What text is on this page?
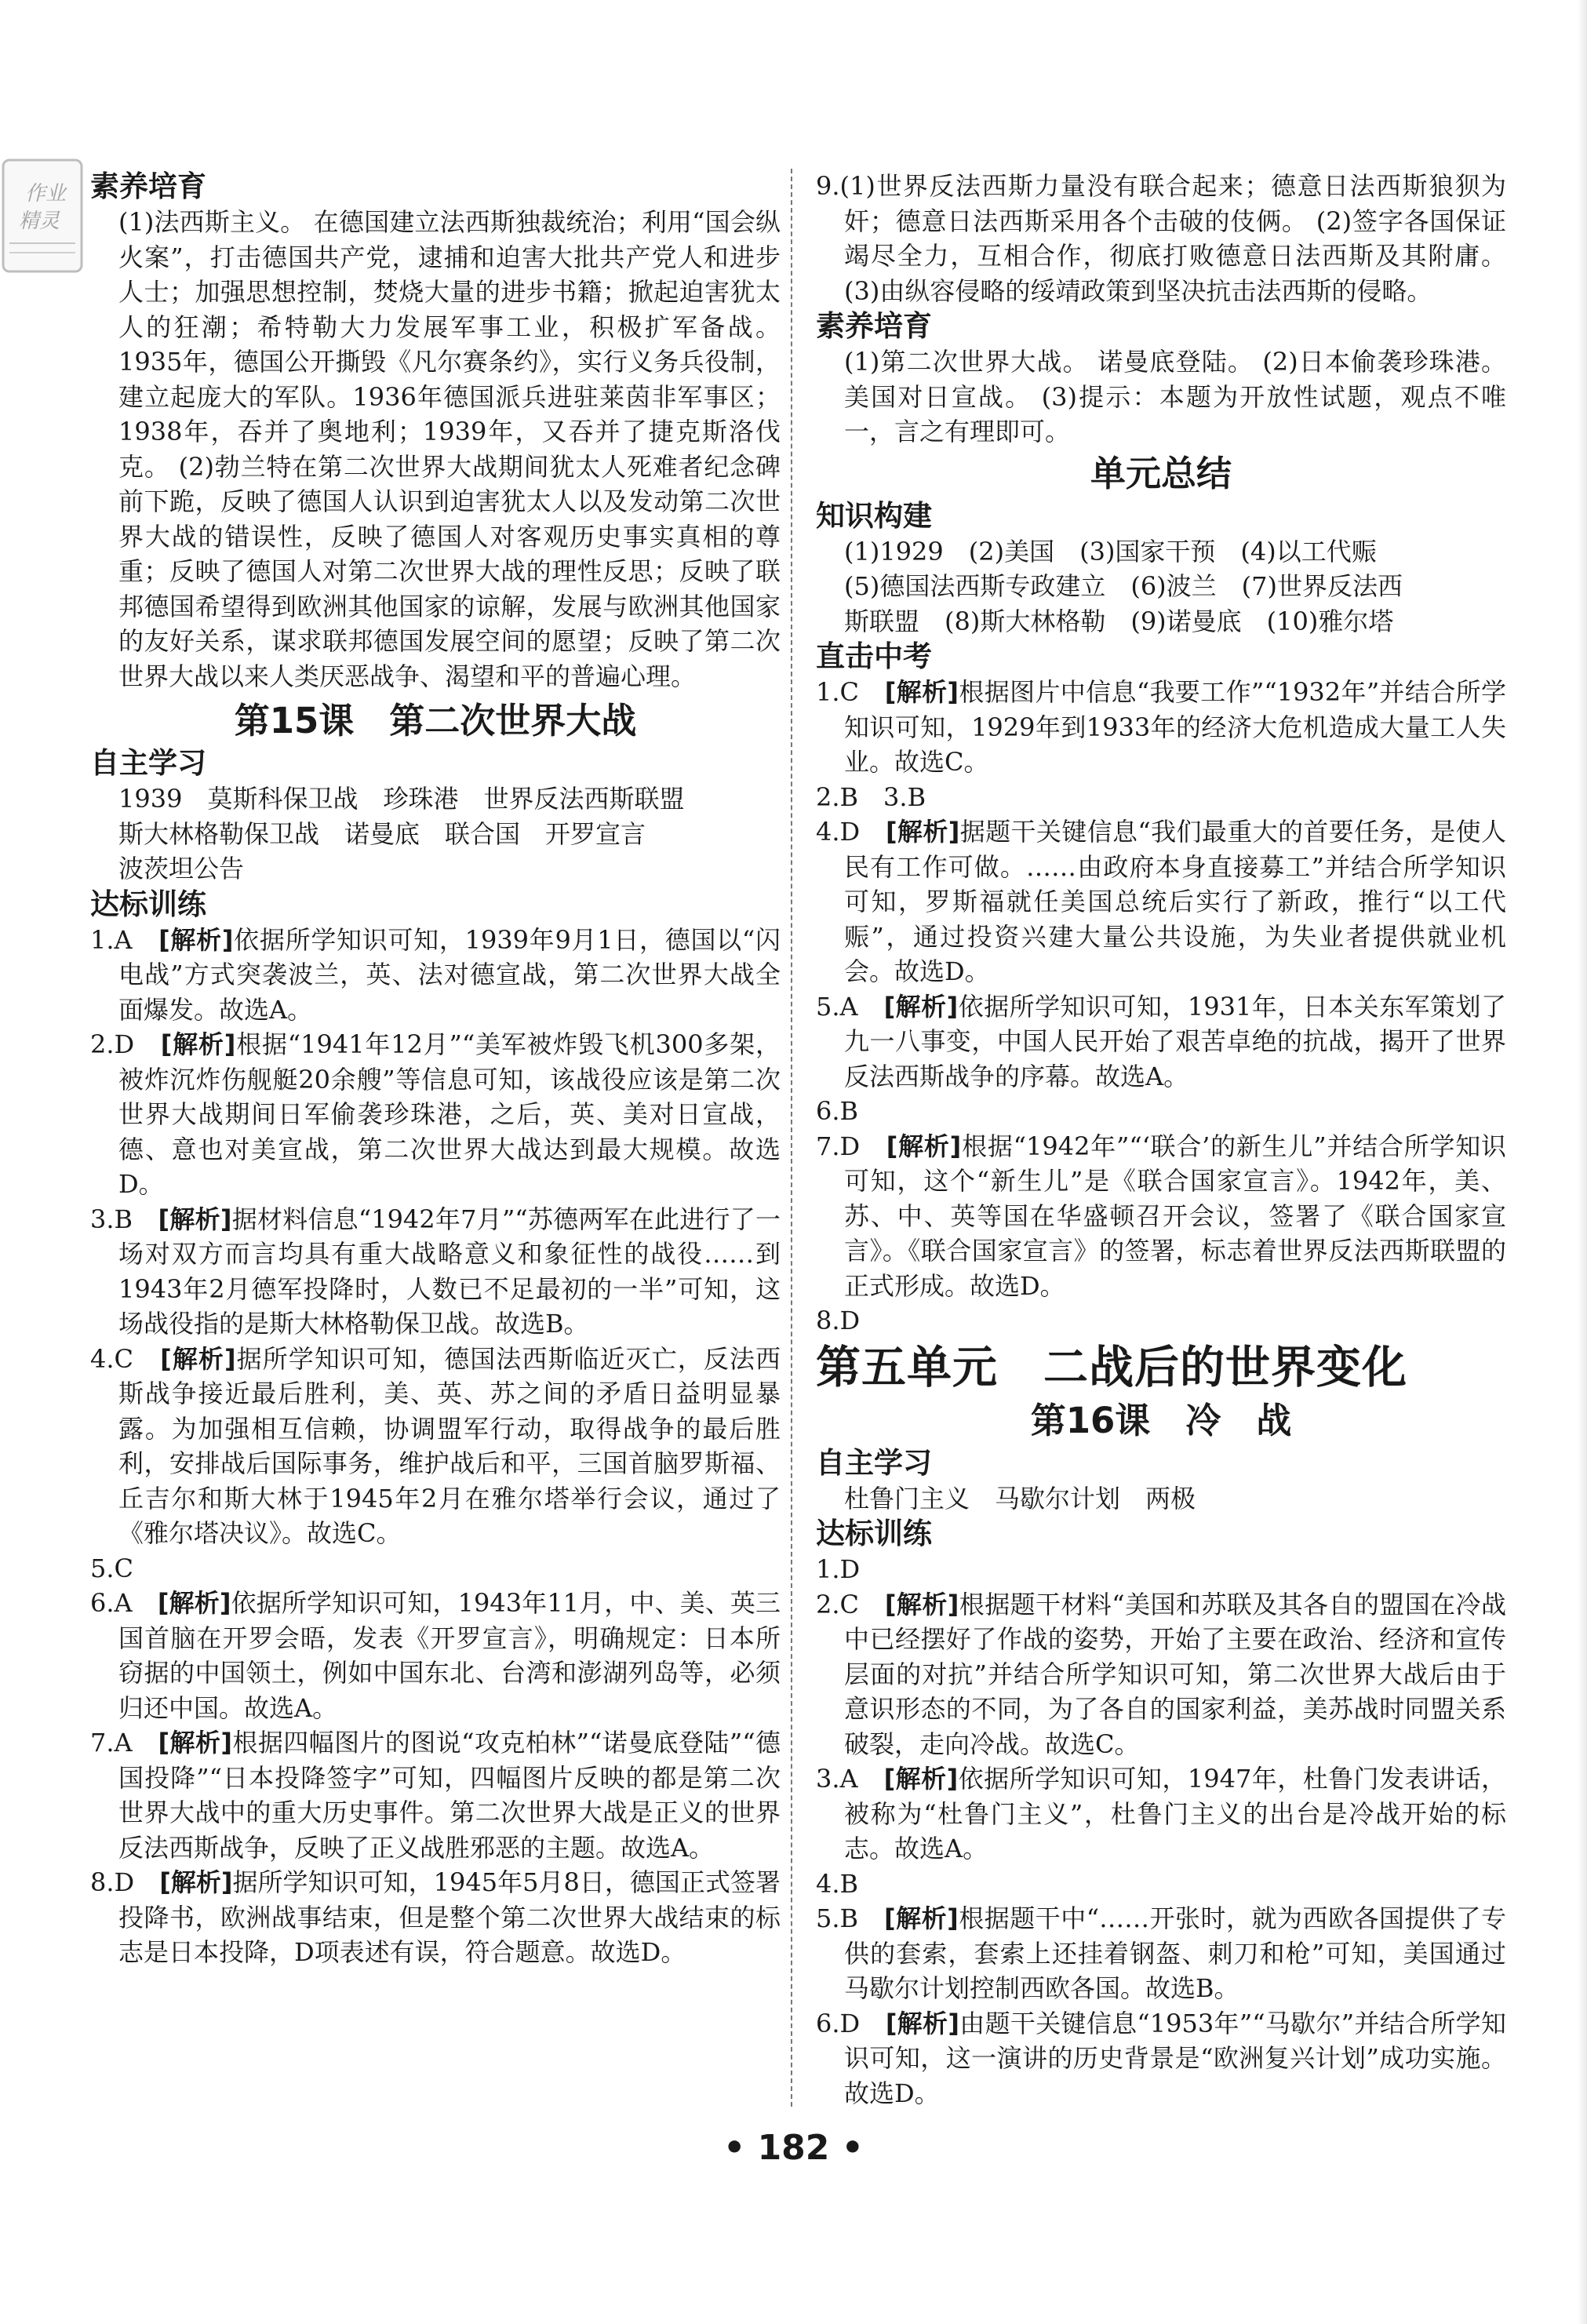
作业
精灵

素养培育

(1)法西斯主义。 在德国建立法西斯独裁统治；利用“国会纵火案”，打击德国共产党，逮捕和迫害大批共产党人和进步人士；加强思想控制，焚烧大量的进步书籍；掀起迫害犹太人的狂潮；希特勒大力发展军事工业，积极扩军备战。1935年，德国公开撕毁《凡尔赛条约》，实行义务兵役制，建立起庞大的军队。1936年德国派兵进驻莱茵非军事区；1938年，吞并了奥地利；1939年，又吞并了捷克斯洛伐克。 (2)勃兰特在第二次世界大战期间犹太人死难者纪念碑前下跪，反映了德国人认识到迫害犹太人以及发动第二次世界大战的错误性，反映了德国人对客观历史事实真相的尊重；反映了德国人对第二次世界大战的理性反思；反映了联邦德国希望得到欧洲其他国家的谅解，发展与欧洲其他国家的友好关系，谋求联邦德国发展空间的愿望；反映了第二次世界大战以来人类厌恶战争、渴望和平的普遍心理。

第15课　第二次世界大战

自主学习

1939　莫斯科保卫战　珍珠港　世界反法西斯联盟

斯大林格勒保卫战　诺曼底　联合国　开罗宣言

波茨坦公告

达标训练

1.A　 [解析]依据所学知识可知，1939年9月1日，德国以“闪电战”方式突袭波兰，英、法对德宣战，第二次世界大战全面爆发。故选A。

2.D　 [解析]根据“1941年12月”“美军被炸毁飞机300多架，被炸沉炸伤舰艇20余艘”等信息可知，该战役应该是第二次世界大战期间日军偷袭珍珠港，之后，英、美对日宣战，德、意也对美宣战，第二次世界大战达到最大规模。故选D。

3.B　 [解析]据材料信息“1942年7月”“苏德两军在此进行了一场对双方而言均具有重大战略意义和象征性的战役……到1943年2月德军投降时，人数已不足最初的一半”可知，这场战役指的是斯大林格勒保卫战。故选B。

4.C　 [解析]据所学知识可知，德国法西斯临近灭亡，反法西斯战争接近最后胜利，美、英、苏之间的矛盾日益明显暴露。为加强相互信赖，协调盟军行动，取得战争的最后胜利，安排战后国际事务，维护战后和平，三国首脑罗斯福、丘吉尔和斯大林于1945年2月在雅尔塔举行会议，通过了《雅尔塔决议》。故选C。

5.C

6.A　 [解析]依据所学知识可知，1943年11月，中、美、英三国首脑在开罗会晤，发表《开罗宣言》，明确规定：日本所窃据的中国领土，例如中国东北、台湾和澎湖列岛等，必须归还中国。故选A。

7.A　 [解析]根据四幅图片的图说“攻克柏林”“诺曼底登陆”“德国投降”“日本投降签字”可知，四幅图片反映的都是第二次世界大战中的重大历史事件。第二次世界大战是正义的世界反法西斯战争，反映了正义战胜邪恶的主题。故选A。

8.D　 [解析]据所学知识可知，1945年5月8日，德国正式签署投降书，欧洲战事结束，但是整个第二次世界大战结束的标志是日本投降，D项表述有误，符合题意。故选D。

9.(1)世界反法西斯力量没有联合起来；德意日法西斯狼狈为奸；德意日法西斯采用各个击破的伎俩。 (2)签字各国保证竭尽全力，互相合作，彻底打败德意日法西斯及其附庸。 (3)由纵容侵略的绥靖政策到坚决抗击法西斯的侵略。

素养培育

(1)第二次世界大战。 诺曼底登陆。 (2)日本偷袭珍珠港。 美国对日宣战。 (3)提示：本题为开放性试题，观点不唯一，言之有理即可。

单元总结

知识构建

(1)1929　(2)美国　(3)国家干预　(4)以工代赈

(5)德国法西斯专政建立　(6)波兰　(7)世界反法西

斯联盟　(8)斯大林格勒　(9)诺曼底　(10)雅尔塔

直击中考

1.C　 [解析]根据图片中信息“我要工作”“1932年”并结合所学知识可知，1929年到1933年的经济大危机造成大量工人失业。故选C。

2.B　3.B

4.D　 [解析]据题干关键信息“我们最重大的首要任务，是使人民有工作可做。……由政府本身直接募工”并结合所学知识可知，罗斯福就任美国总统后实行了新政，推行“以工代赈”，通过投资兴建大量公共设施，为失业者提供就业机会。故选D。

5.A　 [解析]依据所学知识可知，1931年，日本关东军策划了九一八事变，中国人民开始了艰苦卓绝的抗战，揭开了世界反法西斯战争的序幕。故选A。

6.B

7.D　 [解析]根据“1942年”“‘联合’的新生儿”并结合所学知识可知，这个“新生儿”是《联合国家宣言》。1942年，美、苏、中、英等国在华盛顿召开会议，签署了《联合国家宣言》。《联合国家宣言》的签署，标志着世界反法西斯联盟的正式形成。故选D。

8.D

第五单元　二战后的世界变化

第16课　冷　战

自主学习

杜鲁门主义　马歇尔计划　两极

达标训练

1.D

2.C　 [解析]根据题干材料“美国和苏联及其各自的盟国在冷战中已经摆好了作战的姿势，开始了主要在政治、经济和宣传层面的对抗”并结合所学知识可知，第二次世界大战后由于意识形态的不同，为了各自的国家利益，美苏战时同盟关系破裂，走向冷战。故选C。

3.A　 [解析]依据所学知识可知，1947年，杜鲁门发表讲话，被称为“杜鲁门主义”，杜鲁门主义的出台是冷战开始的标志。故选A。

4.B

5.B　 [解析]根据题干中“……开张时，就为西欧各国提供了专供的套索，套索上还挂着钢盔、刺刀和枪”可知，美国通过马歇尔计划控制西欧各国。故选B。

6.D　 [解析]由题干关键信息“1953年”“马歇尔”并结合所学知识可知，这一演讲的历史背景是“欧洲复兴计划”成功实施。故选D。

• 182 •
